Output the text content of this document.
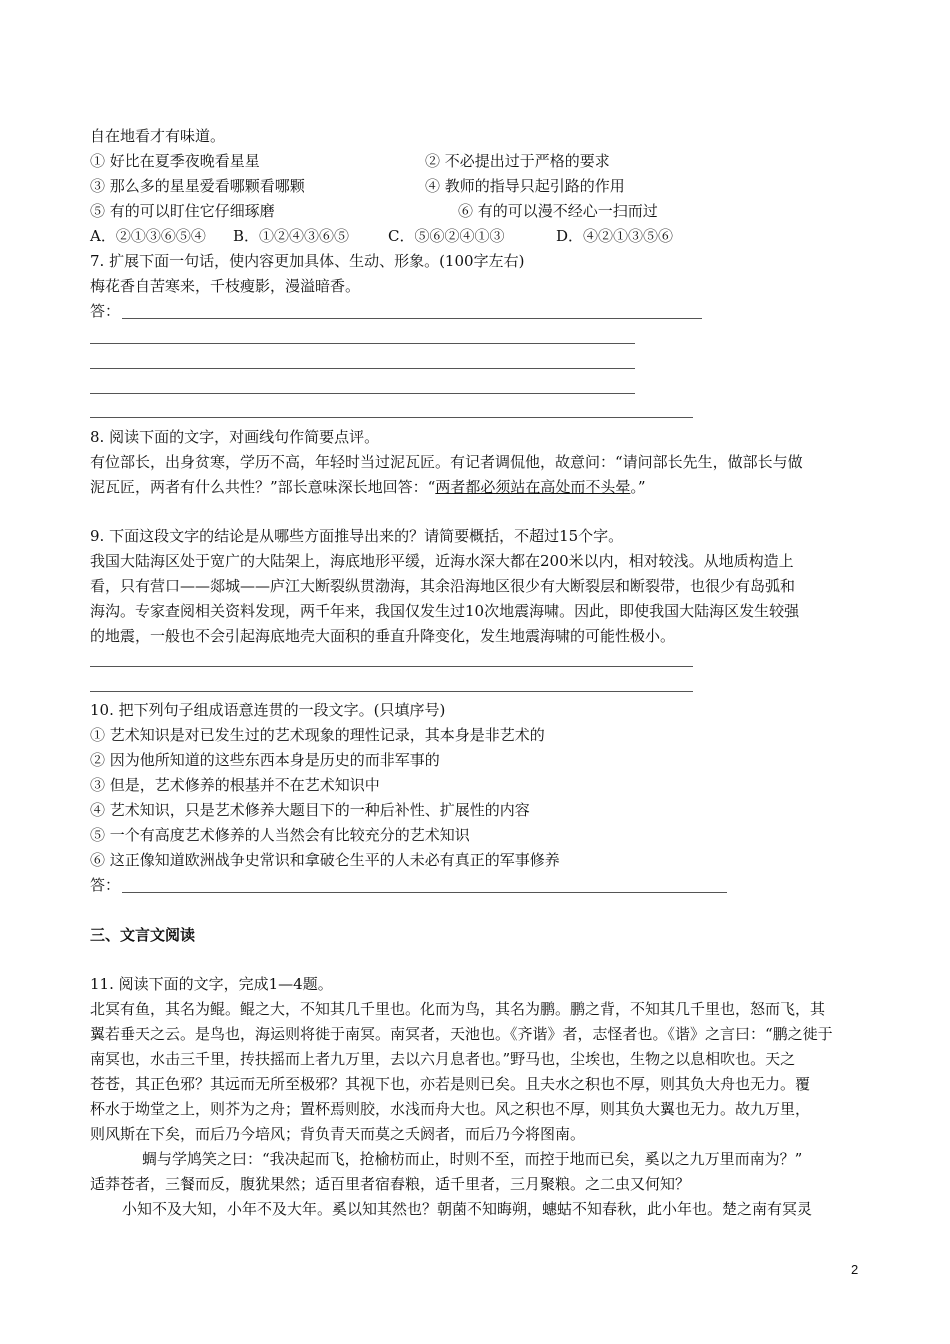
自在地看才有味道。
① 好比在夏季夜晚看星星	② 不必提出过于严格的要求
③ 那么多的星星爱看哪颗看哪颗	④ 教师的指导只起引路的作用
⑤ 有的可以盯住它仔细琢磨	⑥ 有的可以漫不经心一扫而过
A．②①③⑥⑤④ B．①②④③⑥⑤	C．⑤⑥②④①③	D．④②①③⑤⑥
7. 扩展下面一句话，使内容更加具体、生动、形象。(100字左右)
梅花香自苦寒来，千枝瘦影，漫溢暗香。
答：
8. 阅读下面的文字，对画线句作简要点评。
有位部长，出身贫寒，学历不高，年轻时当过泥瓦匠。有记者调侃他，故意问：“请问部长先生，做部长与做
泥瓦匠，两者有什么共性？”部长意味深长地回答：“两者都必须站在高处而不头晕。”
9. 下面这段文字的结论是从哪些方面推导出来的？请简要概括，不超过15个字。
我国大陆海区处于宽广的大陆架上，海底地形平缓，近海水深大都在200米以内，相对较浅。从地质构造上
看，只有营口——郯城——庐江大断裂纵贯渤海，其余沿海地区很少有大断裂层和断裂带，也很少有岛弧和
海沟。专家查阅相关资料发现，两千年来，我国仅发生过10次地震海啸。因此，即使我国大陆海区发生较强
的地震，一般也不会引起海底地壳大面积的垂直升降变化，发生地震海啸的可能性极小。
10. 把下列句子组成语意连贯的一段文字。(只填序号)
① 艺术知识是对已发生过的艺术现象的理性记录，其本身是非艺术的
② 因为他所知道的这些东西本身是历史的而非军事的
③ 但是，艺术修养的根基并不在艺术知识中
④ 艺术知识，只是艺术修养大题目下的一种后补性、扩展性的内容
⑤ 一个有高度艺术修养的人当然会有比较充分的艺术知识
⑥ 这正像知道欧洲战争史常识和拿破仑生平的人未必有真正的军事修养
答：
三、文言文阅读
11. 阅读下面的文字，完成1—4题。
北冥有鱼，其名为鲲。鲲之大，不知其几千里也。化而为鸟，其名为鹏。鹏之背，不知其几千里也，怒而飞，其
翼若垂天之云。是鸟也，海运则将徙于南冥。南冥者，天池也。《齐谐》者，志怪者也。《谐》之言曰：“鹏之徙于
南冥也，水击三千里，抟扶摇而上者九万里，去以六月息者也。”野马也，尘埃也，生物之以息相吹也。天之
苍苍，其正色邪？其远而无所至极邪？其视下也，亦若是则已矣。且夫水之积也不厚，则其负大舟也无力。覆
杯水于坳堂之上，则芥为之舟；置杯焉则胶，水浅而舟大也。风之积也不厚，则其负大翼也无力。故九万里，
则风斯在下矣，而后乃今培风；背负青天而莫之夭阏者，而后乃今将图南。
蜩与学鸠笑之曰：“我决起而飞，抢榆枋而止，时则不至，而控于地而已矣，奚以之九万里而南为？”
适莽苍者，三餐而反，腹犹果然；适百里者宿舂粮，适千里者，三月聚粮。之二虫又何知？
小知不及大知，小年不及大年。奚以知其然也？朝菌不知晦朔，蟪蛄不知春秋，此小年也。楚之南有冥灵
2
